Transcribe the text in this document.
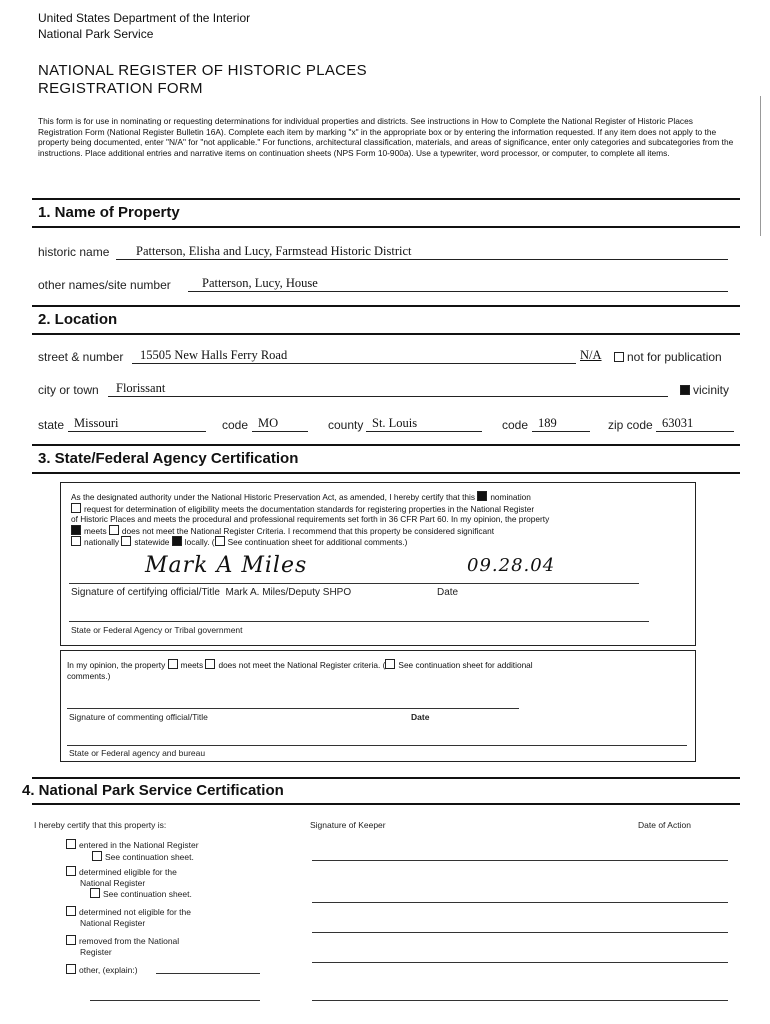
United States Department of the Interior
National Park Service
NATIONAL REGISTER OF HISTORIC PLACES
REGISTRATION FORM
This form is for use in nominating or requesting determinations for individual properties and districts. See instructions in How to Complete the National Register of Historic Places Registration Form (National Register Bulletin 16A). Complete each item by marking "x" in the appropriate box or by entering the information requested. If any item does not apply to the property being documented, enter "N/A" for "not applicable." For functions, architectural classification, materials, and areas of significance, enter only categories and subcategories from the instructions. Place additional entries and narrative items on continuation sheets (NPS Form 10-900a). Use a typewriter, word processor, or computer, to complete all items.
1. Name of Property
historic name Patterson, Elisha and Lucy, Farmstead Historic District
other names/site number	Patterson, Lucy, House
2. Location
street & number 15505 New Halls Ferry Road	N/A	not for publication
city or town Florissant	vicinity
state Missouri	code MO	county St. Louis	code 189	zip code 63031
3. State/Federal Agency Certification
As the designated authority under the National Historic Preservation Act, as amended, I hereby certify that this nomination
request for determination of eligibility meets the documentation standards for registering properties in the National Register
of Historic Places and meets the procedural and professional requirements set forth in 36 CFR Part 60. In my opinion, the property
meets does not meet the National Register Criteria. I recommend that this property be considered significant
nationally statewide locally. ( See continuation sheet for additional comments.)
Mark A Miles	09.28.04
Signature of certifying official/Title Mark A. Miles/Deputy SHPO	Date
State or Federal Agency or Tribal government
In my opinion, the property meets does not meet the National Register criteria. ( See continuation sheet for additional
comments.)
Signature of commenting official/Title	Date
State or Federal agency and bureau
4. National Park Service Certification
I hereby certify that this property is:	Signature of Keeper	Date of Action
entered in the National Register
See continuation sheet.
determined eligible for the
National Register
See continuation sheet.
determined not eligible for the
National Register
removed from the National
Register
other, (explain:)
